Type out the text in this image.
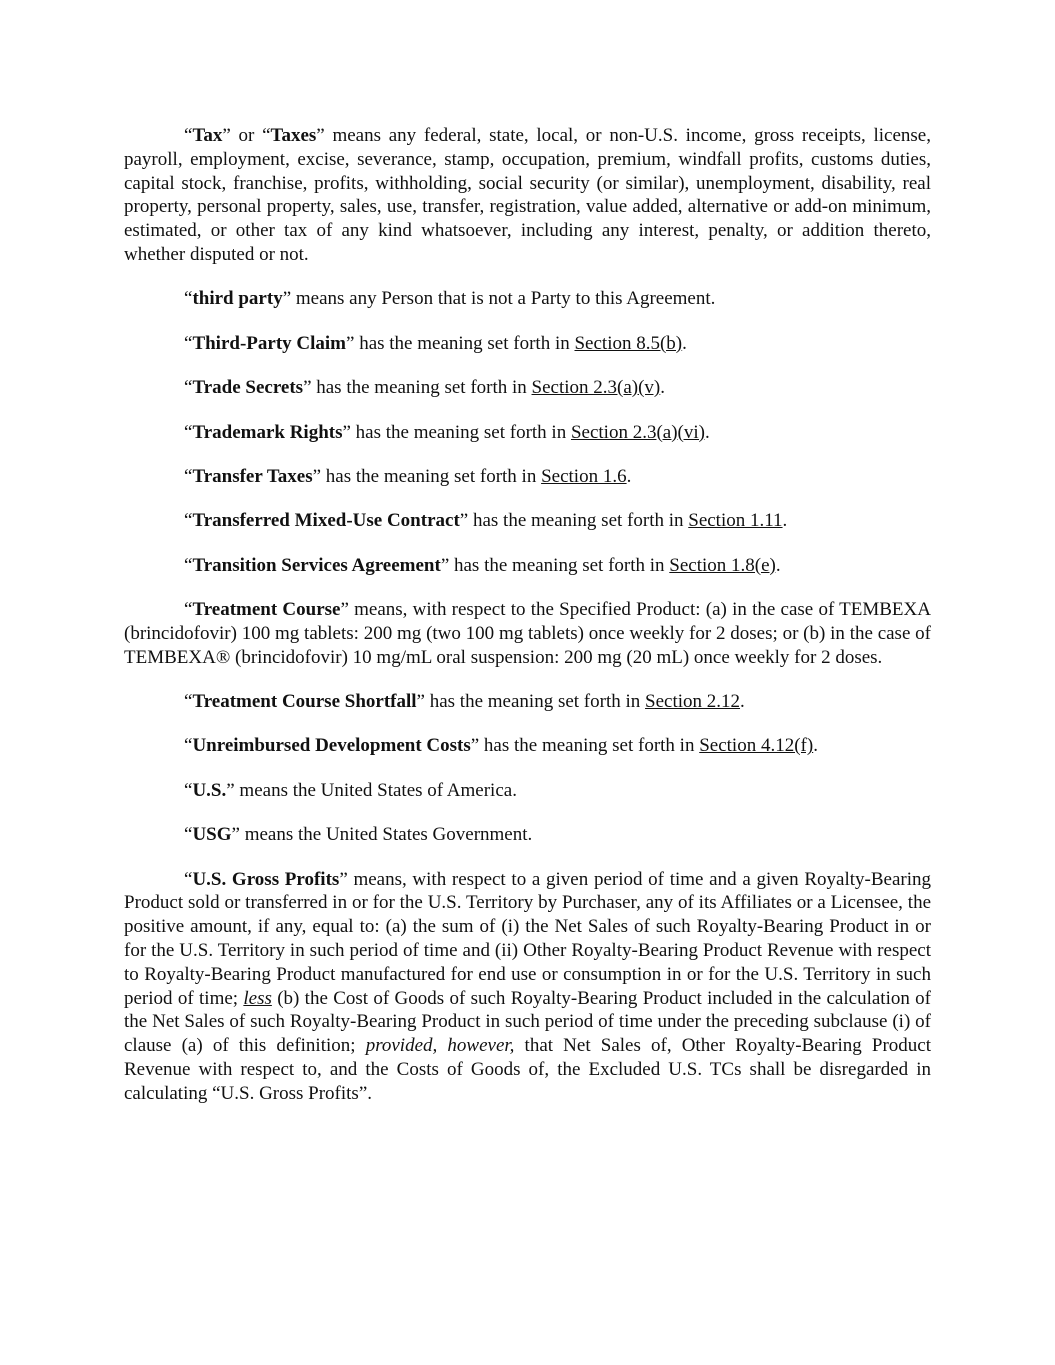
“Tax” or “Taxes” means any federal, state, local, or non-U.S. income, gross receipts, license, payroll, employment, excise, severance, stamp, occupation, premium, windfall profits, customs duties, capital stock, franchise, profits, withholding, social security (or similar), unemployment, disability, real property, personal property, sales, use, transfer, registration, value added, alternative or add-on minimum, estimated, or other tax of any kind whatsoever, including any interest, penalty, or addition thereto, whether disputed or not.

“third party” means any Person that is not a Party to this Agreement.

“Third-Party Claim” has the meaning set forth in Section 8.5(b).

“Trade Secrets” has the meaning set forth in Section 2.3(a)(v).

“Trademark Rights” has the meaning set forth in Section 2.3(a)(vi).

“Transfer Taxes” has the meaning set forth in Section 1.6.

“Transferred Mixed-Use Contract” has the meaning set forth in Section 1.11.

“Transition Services Agreement” has the meaning set forth in Section 1.8(e).

“Treatment Course” means, with respect to the Specified Product: (a) in the case of TEMBEXA (brincidofovir) 100 mg tablets: 200 mg (two 100 mg tablets) once weekly for 2 doses; or (b) in the case of TEMBEXA® (brincidofovir) 10 mg/mL oral suspension: 200 mg (20 mL) once weekly for 2 doses.

“Treatment Course Shortfall” has the meaning set forth in Section 2.12.

“Unreimbursed Development Costs” has the meaning set forth in Section 4.12(f).

“U.S.” means the United States of America.

“USG” means the United States Government.

“U.S. Gross Profits” means, with respect to a given period of time and a given Royalty-Bearing Product sold or transferred in or for the U.S. Territory by Purchaser, any of its Affiliates or a Licensee, the positive amount, if any, equal to: (a) the sum of (i) the Net Sales of such Royalty-Bearing Product in or for the U.S. Territory in such period of time and (ii) Other Royalty-Bearing Product Revenue with respect to Royalty-Bearing Product manufactured for end use or consumption in or for the U.S. Territory in such period of time; less (b) the Cost of Goods of such Royalty-Bearing Product included in the calculation of the Net Sales of such Royalty-Bearing Product in such period of time under the preceding subclause (i) of clause (a) of this definition; provided, however, that Net Sales of, Other Royalty-Bearing Product Revenue with respect to, and the Costs of Goods of, the Excluded U.S. TCs shall be disregarded in calculating “U.S. Gross Profits”.
